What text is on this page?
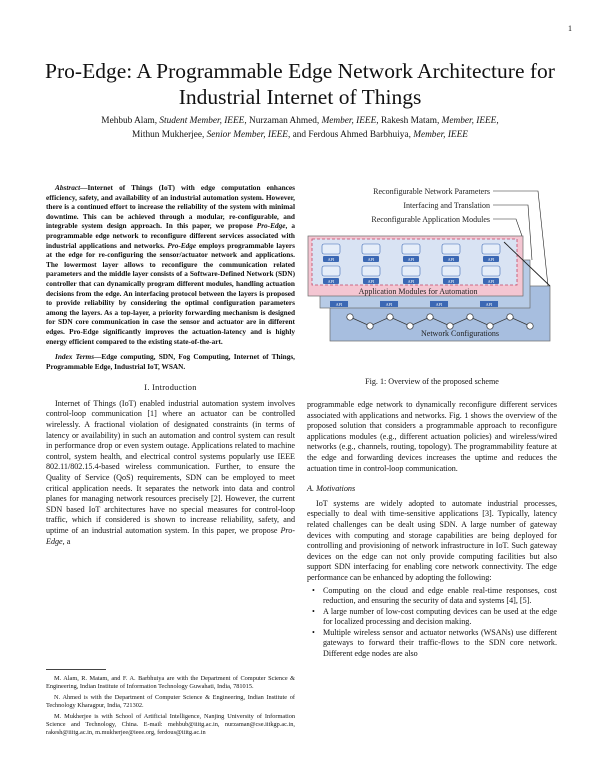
1
Pro-Edge: A Programmable Edge Network Architecture for Industrial Internet of Things
Mehbub Alam, Student Member, IEEE, Nurzaman Ahmed, Member, IEEE, Rakesh Matam, Member, IEEE,
Mithun Mukherjee, Senior Member, IEEE, and Ferdous Ahmed Barbhuiya, Member, IEEE

Abstract—Internet of Things (IoT) with edge computation enhances efficiency, safety, and availability of an industrial automation system. However, there is a continued effort to increase the reliability of the system with minimal downtime. This can be achieved through a modular, re-configurable, and integrable system design approach. In this paper, we propose Pro-Edge, a programmable edge network to reconfigure different services associated with industrial applications and networks. Pro-Edge employs programmable layers at the edge for re-configuring the sensor/actuator network and applications. The lowermost layer allows to reconfigure the communication related parameters and the middle layer consists of a Software-Defined Network (SDN) controller that can dynamically program different modules, handling actuation decisions from the edge. An interfacing protocol between the layers is proposed to provide reliability by considering the optimal configuration parameters among the layers. As a top-layer, a priority forwarding mechanism is designed for SDN core communication in case the sensor and actuator are in different edges. Pro-Edge significantly improves the actuation-latency and is highly energy efficient compared to the existing state-of-the-art.

Index Terms—Edge computing, SDN, Fog Computing, Internet of Things, Programmable Edge, Industrial IoT, WSAN.

I. Introduction

Internet of Things (IoT) enabled industrial automation system involves control-loop communication [1] where an actuator can be controlled wirelessly. A fractional violation of designated constraints (in terms of latency or availability) in such an automation and control system can result in performance drop or even system outage. Applications related to machine control, system health, and electrical control systems popularly use IEEE 802.11/802.15.4-based wireless communication. Further, to ensure the Quality of Service (QoS) requirements, SDN can be employed to meet critical application needs. It separates the network into data and control planes for managing network resources precisely [2]. However, the current SDN based IoT architectures have no special measures for control-loop traffic, which if considered is shown to increase reliability, safety, and uptime of an industrial automation system. In this paper, we propose Pro-Edge, a

M. Alam, R. Matam, and F. A. Barbhuiya are with the Department of Computer Science & Engineering, Indian Institute of Information Technology Guwahati, India, 781015.

N. Ahmed is with the Department of Computer Science & Engineering, Indian Institute of Technology Kharagpur, India, 721302.

M. Mukherjee is with School of Artificial Intelligence, Nanjing University of Information Science and Technology, China. E-mail: mehbub@iiitg.ac.in, nurzaman@cse.iitkgp.ac.in, rakesh@iiitg.ac.in, m.mukherjee@ieee.org, ferdous@iiitg.ac.in

API	API	API	API	API
API	API	API	API	API
Application Modules for Automation
API	API	API	API
Network Configurations
Reconfigurable Network Parameters
Interfacing and Translation
Reconfigurable Application Modules
Fig. 1: Overview of the proposed scheme

programmable edge network to dynamically reconfigure different services associated with applications and networks. Fig. 1 shows the overview of the proposed solution that considers a programmable approach to reconfigure applications modules (e.g., different actuation policies) and wireless/wired networks (e.g., channels, routing, topology). The programmability feature at the edge and forwarding devices increases the uptime and reduces the actuation time in control-loop communication.

A. Motivations

IoT systems are widely adopted to automate industrial processes, especially to deal with time-sensitive applications [3]. Typically, latency related challenges can be dealt using SDN. A large number of gateway devices with computing and storage capabilities are being deployed for controlling and provisioning of network infrastructure in IoT. Such gateway devices on the edge can not only provide computing facilities but also support SDN interfacing for enabling core network connectivity. The edge performance can be enhanced by adopting the following:

• Computing on the cloud and edge enable real-time responses, cost reduction, and ensuring the security of data and systems [4], [5].
• A large number of low-cost computing devices can be used at the edge for localized processing and decision making.
• Multiple wireless sensor and actuator networks (WSANs) use different gateways to forward their traffic-flows to the SDN core network. Different edge nodes are also
